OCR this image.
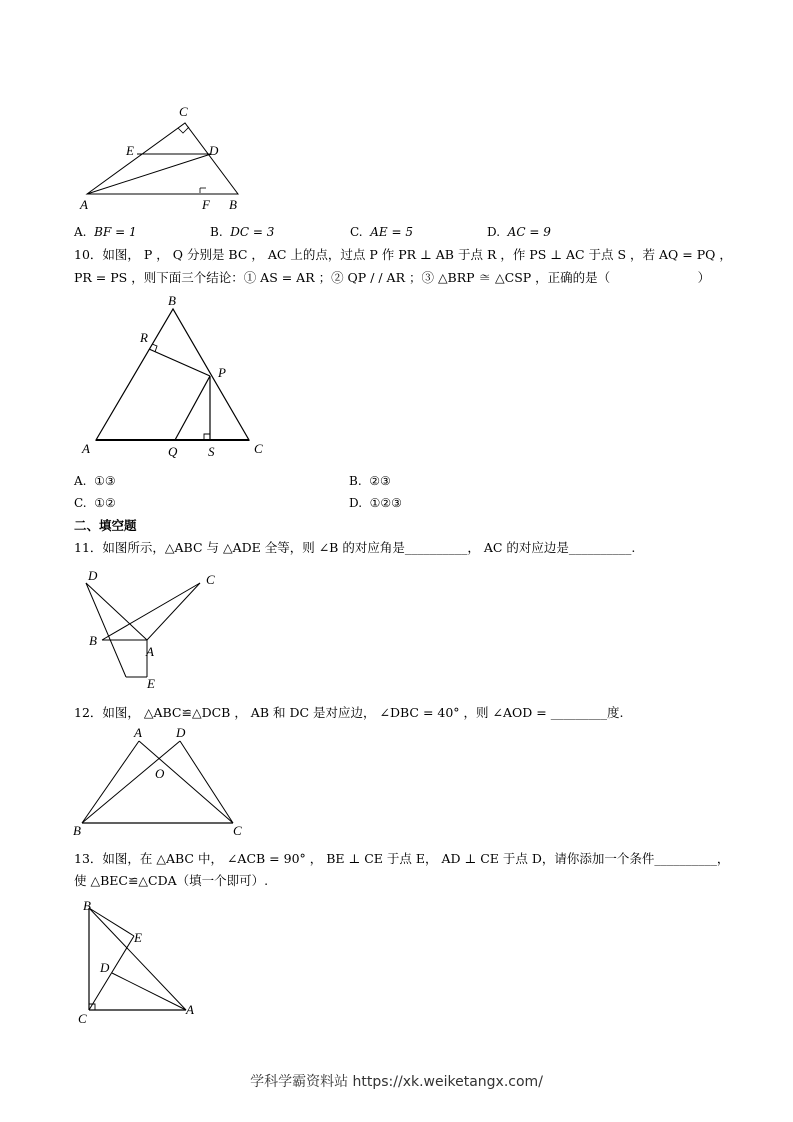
C
E	D
A	F B
A. BF = 1	B. DC = 3	C. AE = 5	D. AC = 9
10．如图， P ， Q 分别是 BC ， AC 上的点，过点 P 作 PR ⊥ AB 于点 R ，作 PS ⊥ AC 于点 S ，若 AQ = PQ ，
PR = PS ，则下面三个结论：① AS = AR ；② QP / / AR ；③ △BRP ≅ △CSP ，正确的是（　　　　　　　）
B
R
P
A	Q S	C
A. ①③	B. ②③
C. ①②	D. ①②③
二、填空题
11．如图所示，△ABC 与 △ADE 全等，则 ∠B 的对应角是__________， AC 的对应边是__________.
D	C
B
A
E
12．如图， △ABC≌△DCB ， AB 和 DC 是对应边， ∠DBC = 40° ，则 ∠AOD = _________度.
A	D
O
B	C
13．如图，在 △ABC 中， ∠ACB = 90° ， BE ⊥ CE 于点 E， AD ⊥ CE 于点 D，请你添加一个条件__________，
使 △BEC≌△CDA（填一个即可）.
B
E
D
C
A
学科学霸资料站 https://xk.weiketangx.com/
